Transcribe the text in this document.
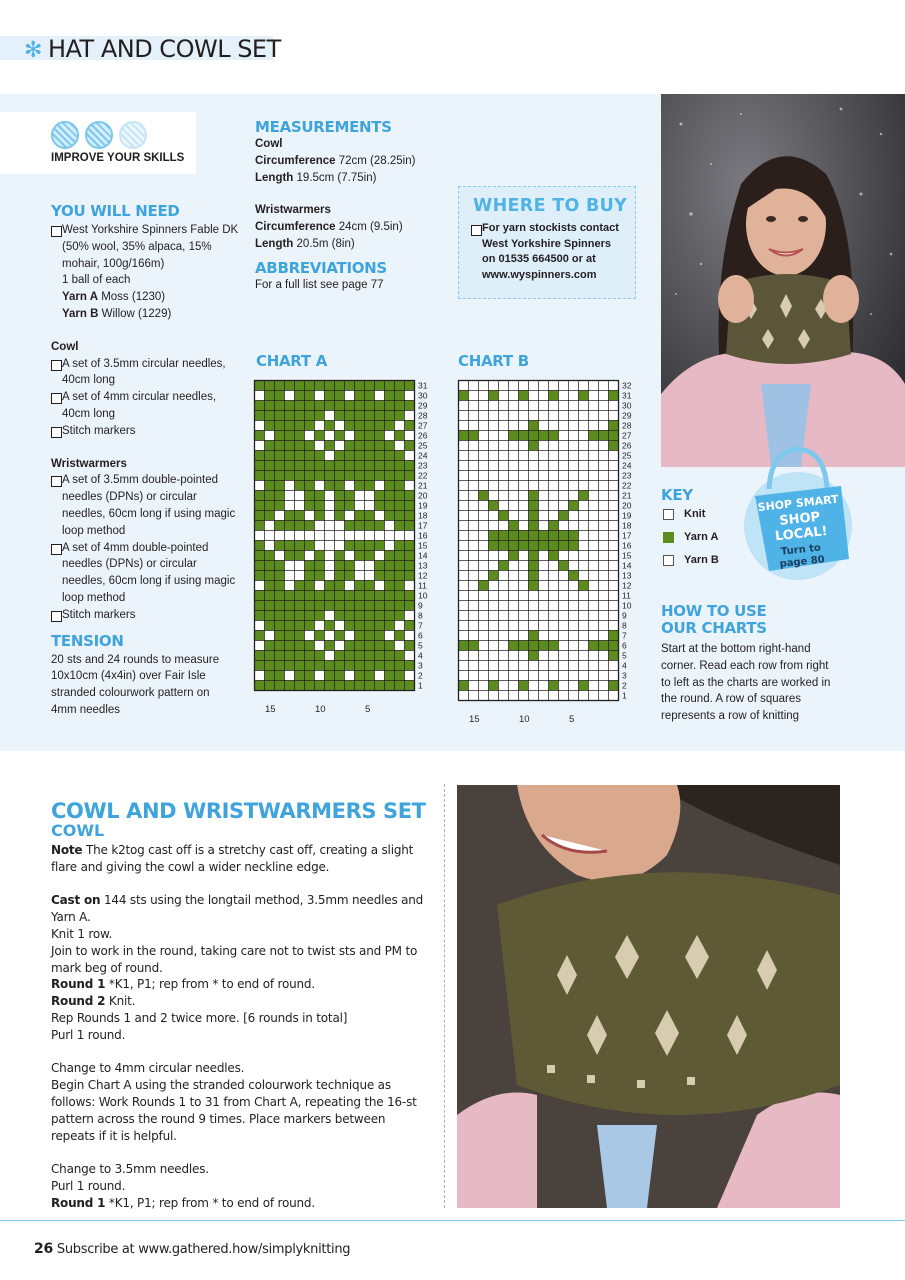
✻ HAT AND COWL SET
IMPROVE YOUR SKILLS
YOU WILL NEED
West Yorkshire Spinners Fable DK (50% wool, 35% alpaca, 15% mohair, 100g/166m)
1 ball of each
Yarn A Moss (1230)
Yarn B Willow (1229)
Cowl
A set of 3.5mm circular needles, 40cm long
A set of 4mm circular needles, 40cm long
Stitch markers
Wristwarmers
A set of 3.5mm double-pointed needles (DPNs) or circular needles, 60cm long if using magic loop method
A set of 4mm double-pointed needles (DPNs) or circular needles, 60cm long if using magic loop method
Stitch markers
TENSION
20 sts and 24 rounds to measure 10x10cm (4x4in) over Fair Isle stranded colourwork pattern on 4mm needles
MEASUREMENTS
Cowl
Circumference 72cm (28.25in)
Length 19.5cm (7.75in)
Wristwarmers
Circumference 24cm (9.5in)
Length 20.5m (8in)
ABBREVIATIONS
For a full list see page 77
WHERE TO BUY
For yarn stockists contact West Yorkshire Spinners on 01535 664500 or at www.wyspinners.com
CHART A
31
30
29
28
27
26
25
24
23
22
21
20
19
18
17
16
15
14
13
12
11
10
9
8
7
6
5
4
3
2
1
15	10	5
CHART B
32
31
30
29
28
27
26
25
24
23
22
21
20
19
18
17
16
15
14
13
12
11
10
9
8
7
6
5
4
3
2
1
15	10	5
KEY
Knit
Yarn A
Yarn B
SHOP SMART
SHOP
LOCAL!
Turn to
page 80
HOW TO USE
OUR CHARTS
Start at the bottom right-hand corner. Read each row from right to left as the charts are worked in the round. A row of squares represents a row of knitting
COWL AND WRISTWARMERS SET
COWL
Note The k2tog cast off is a stretchy cast off, creating a slight flare and giving the cowl a wider neckline edge.
Cast on 144 sts using the longtail method, 3.5mm needles and Yarn A.
Knit 1 row.
Join to work in the round, taking care not to twist sts and PM to mark beg of round.
Round 1 *K1, P1; rep from * to end of round.
Round 2 Knit.
Rep Rounds 1 and 2 twice more. [6 rounds in total]
Purl 1 round.
Change to 4mm circular needles.
Begin Chart A using the stranded colourwork technique as follows: Work Rounds 1 to 31 from Chart A, repeating the 16-st pattern across the round 9 times. Place markers between repeats if it is helpful.
Change to 3.5mm needles.
Purl 1 round.
Round 1 *K1, P1; rep from * to end of round.
26 Subscribe at www.gathered.how/simplyknitting
